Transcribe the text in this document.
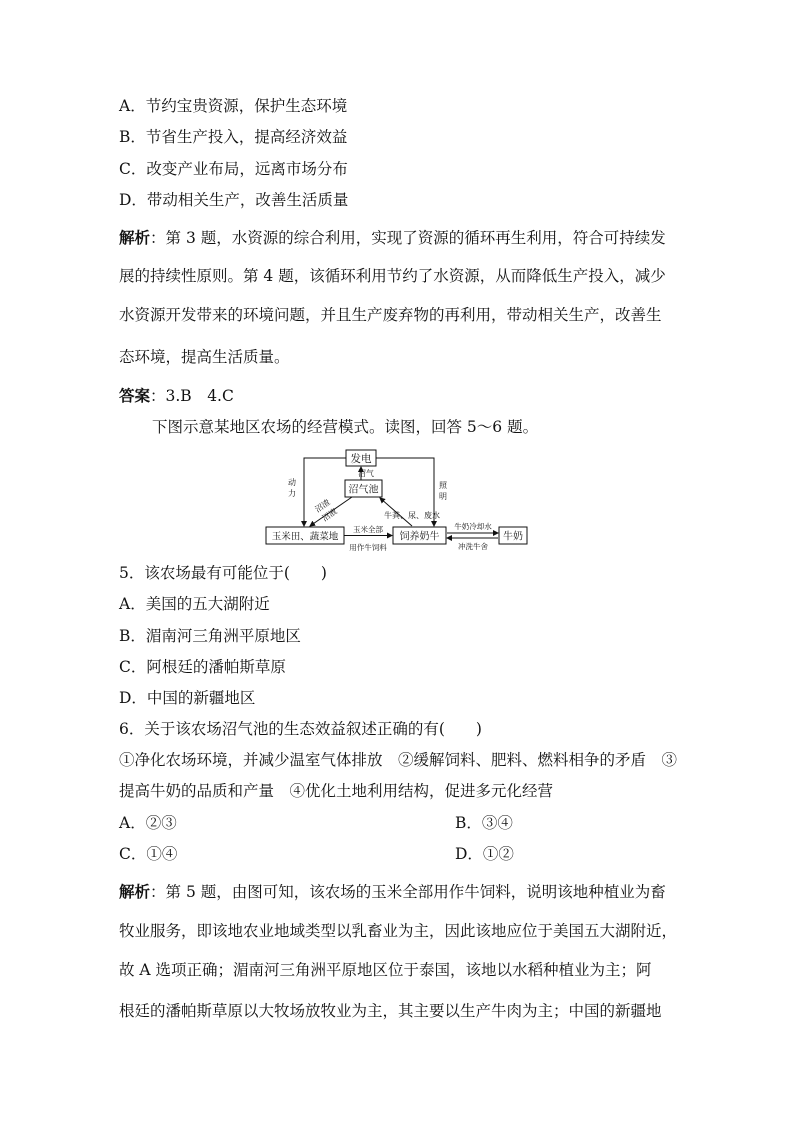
A．节约宝贵资源，保护生态环境
B．节省生产投入，提高经济效益
C．改变产业布局，远离市场分布
D．带动相关生产，改善生活质量
解析：第 3 题，水资源的综合利用，实现了资源的循环再生利用，符合可持续发
展的持续性原则。第 4 题，该循环利用节约了水资源，从而降低生产投入，减少
水资源开发带来的环境问题，并且生产废弃物的再利用，带动相关生产，改善生
态环境，提高生活质量。
答案：3.B　4.C
下图示意某地区农场的经营模式。读图，回答 5～6 题。
发电
沼气池
玉米田、蔬菜地	饲养奶牛	牛奶
动
力
照
明
沼气
沼渣
沼液	牛粪、尿、废水
玉米全部
用作牛饲料
牛奶冷却水
冲洗牛舍
5．该农场最有可能位于(　　)
A．美国的五大湖附近
B．湄南河三角洲平原地区
C．阿根廷的潘帕斯草原
D．中国的新疆地区
6．关于该农场沼气池的生态效益叙述正确的有(　　)
①净化农场环境，并减少温室气体排放　②缓解饲料、肥料、燃料相争的矛盾　③
提高牛奶的品质和产量　④优化土地利用结构，促进多元化经营
A．②③	B．③④
C．①④	D．①②
解析：第 5 题，由图可知，该农场的玉米全部用作牛饲料，说明该地种植业为畜
牧业服务，即该地农业地域类型以乳畜业为主，因此该地应位于美国五大湖附近，
故 A 选项正确；湄南河三角洲平原地区位于泰国，该地以水稻种植业为主；阿
根廷的潘帕斯草原以大牧场放牧业为主，其主要以生产牛肉为主；中国的新疆地
